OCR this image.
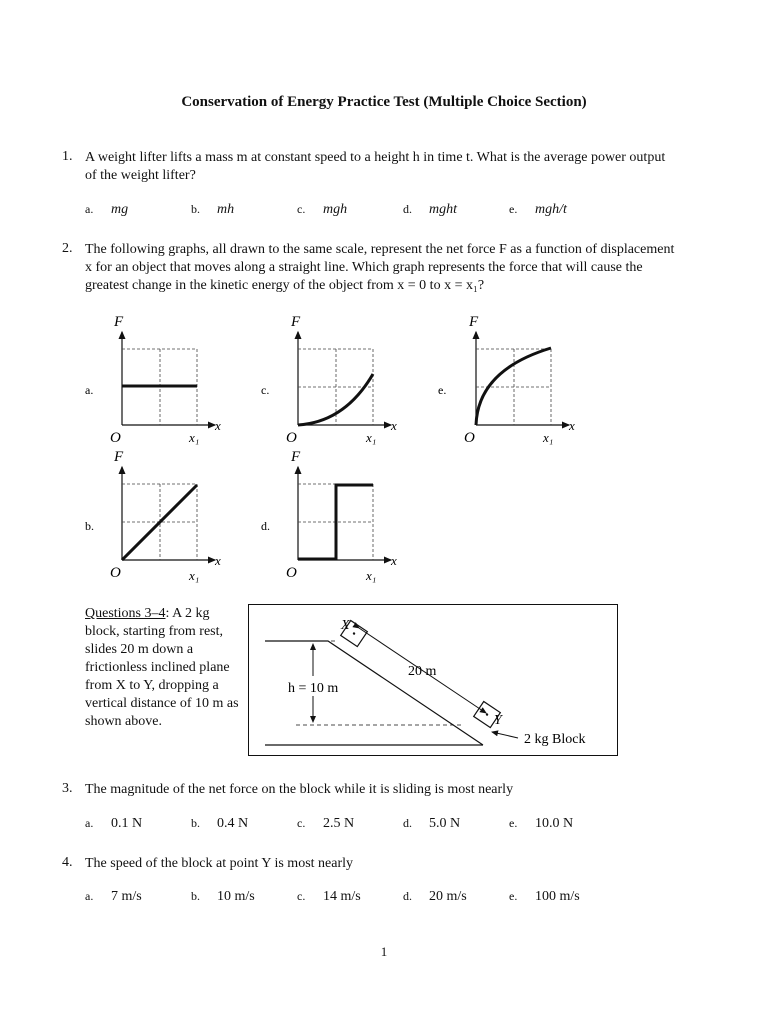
Conservation of Energy Practice Test (Multiple Choice Section)
1. A weight lifter lifts a mass m at constant speed to a height h in time t. What is the average power output
of the weight lifter?
a. mg	b. mh	c. mgh	d. mght	e. mgh/t
2. The following graphs, all drawn to the same scale, represent the net force F as a function of displacement
x for an object that moves along a straight line. Which graph represents the force that will cause the
greatest change in the kinetic energy of the object from x = 0 to x = x₁?
F
x
O	x₁
a.
F
x
O	x₁
c.
F
x
O	x₁
e.
F
x
O	x₁
b.
F
x
O	x₁
d.
Questions 3–4: A 2 kg block, starting from rest, slides 20 m down a frictionless inclined plane from X to Y, dropping a vertical distance of 10 m as shown above.
h = 10 m
20 m
X
Y
2 kg Block
3. The magnitude of the net force on the block while it is sliding is most nearly
a. 0.1 N	b. 0.4 N	c. 2.5 N	d. 5.0 N	e. 10.0 N
4. The speed of the block at point Y is most nearly
a. 7 m/s	b. 10 m/s	c. 14 m/s	d. 20 m/s	e. 100 m/s
1
